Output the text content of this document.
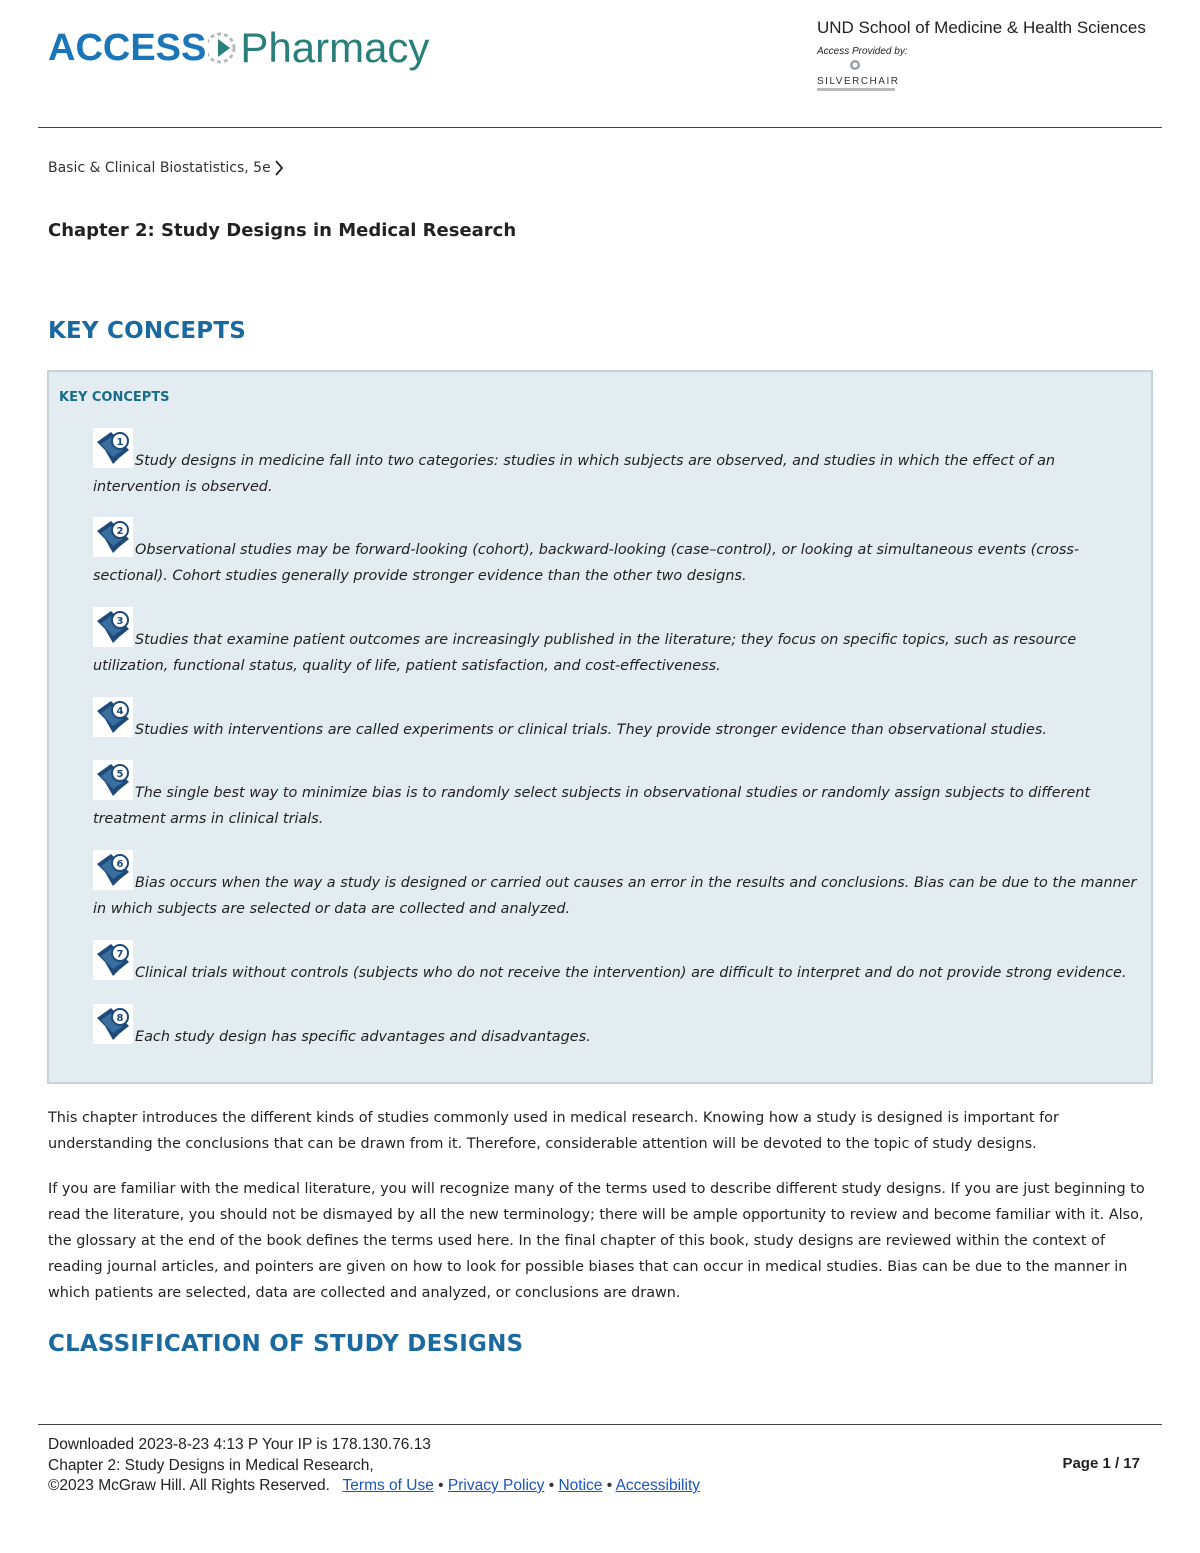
ACCESS Pharmacy	UND School of Medicine & Health Sciences
Access Provided by:
SILVERCHAIR
Basic & Clinical Biostatistics, 5e
Chapter 2: Study Designs in Medical Research
KEY CONCEPTS
KEY CONCEPTS
1

Study designs in medicine fall into two categories: studies in which subjects are observed, and studies in which the effect of an intervention is observed.

2

Observational studies may be forward-looking (cohort), backward-looking (case–control), or looking at simultaneous events (cross-sectional). Cohort studies generally provide stronger evidence than the other two designs.

3

Studies that examine patient outcomes are increasingly published in the literature; they focus on specific topics, such as resource utilization, functional status, quality of life, patient satisfaction, and cost-effectiveness.

4

Studies with interventions are called experiments or clinical trials. They provide stronger evidence than observational studies.

5

The single best way to minimize bias is to randomly select subjects in observational studies or randomly assign subjects to different treatment arms in clinical trials.

6

Bias occurs when the way a study is designed or carried out causes an error in the results and conclusions. Bias can be due to the manner in which subjects are selected or data are collected and analyzed.

7

Clinical trials without controls (subjects who do not receive the intervention) are difficult to interpret and do not provide strong evidence.

8

Each study design has specific advantages and disadvantages.

This chapter introduces the different kinds of studies commonly used in medical research. Knowing how a study is designed is important for understanding the conclusions that can be drawn from it. Therefore, considerable attention will be devoted to the topic of study designs.

If you are familiar with the medical literature, you will recognize many of the terms used to describe different study designs. If you are just beginning to read the literature, you should not be dismayed by all the new terminology; there will be ample opportunity to review and become familiar with it. Also, the glossary at the end of the book defines the terms used here. In the final chapter of this book, study designs are reviewed within the context of reading journal articles, and pointers are given on how to look for possible biases that can occur in medical studies. Bias can be due to the manner in which patients are selected, data are collected and analyzed, or conclusions are drawn.

CLASSIFICATION OF STUDY DESIGNS
Downloaded 2023-8-23 4:13 P Your IP is 178.130.76.13
Chapter 2: Study Designs in Medical Research,
©2023 McGraw Hill. All Rights Reserved. Terms of Use • Privacy Policy • Notice • Accessibility
Page 1 / 17
